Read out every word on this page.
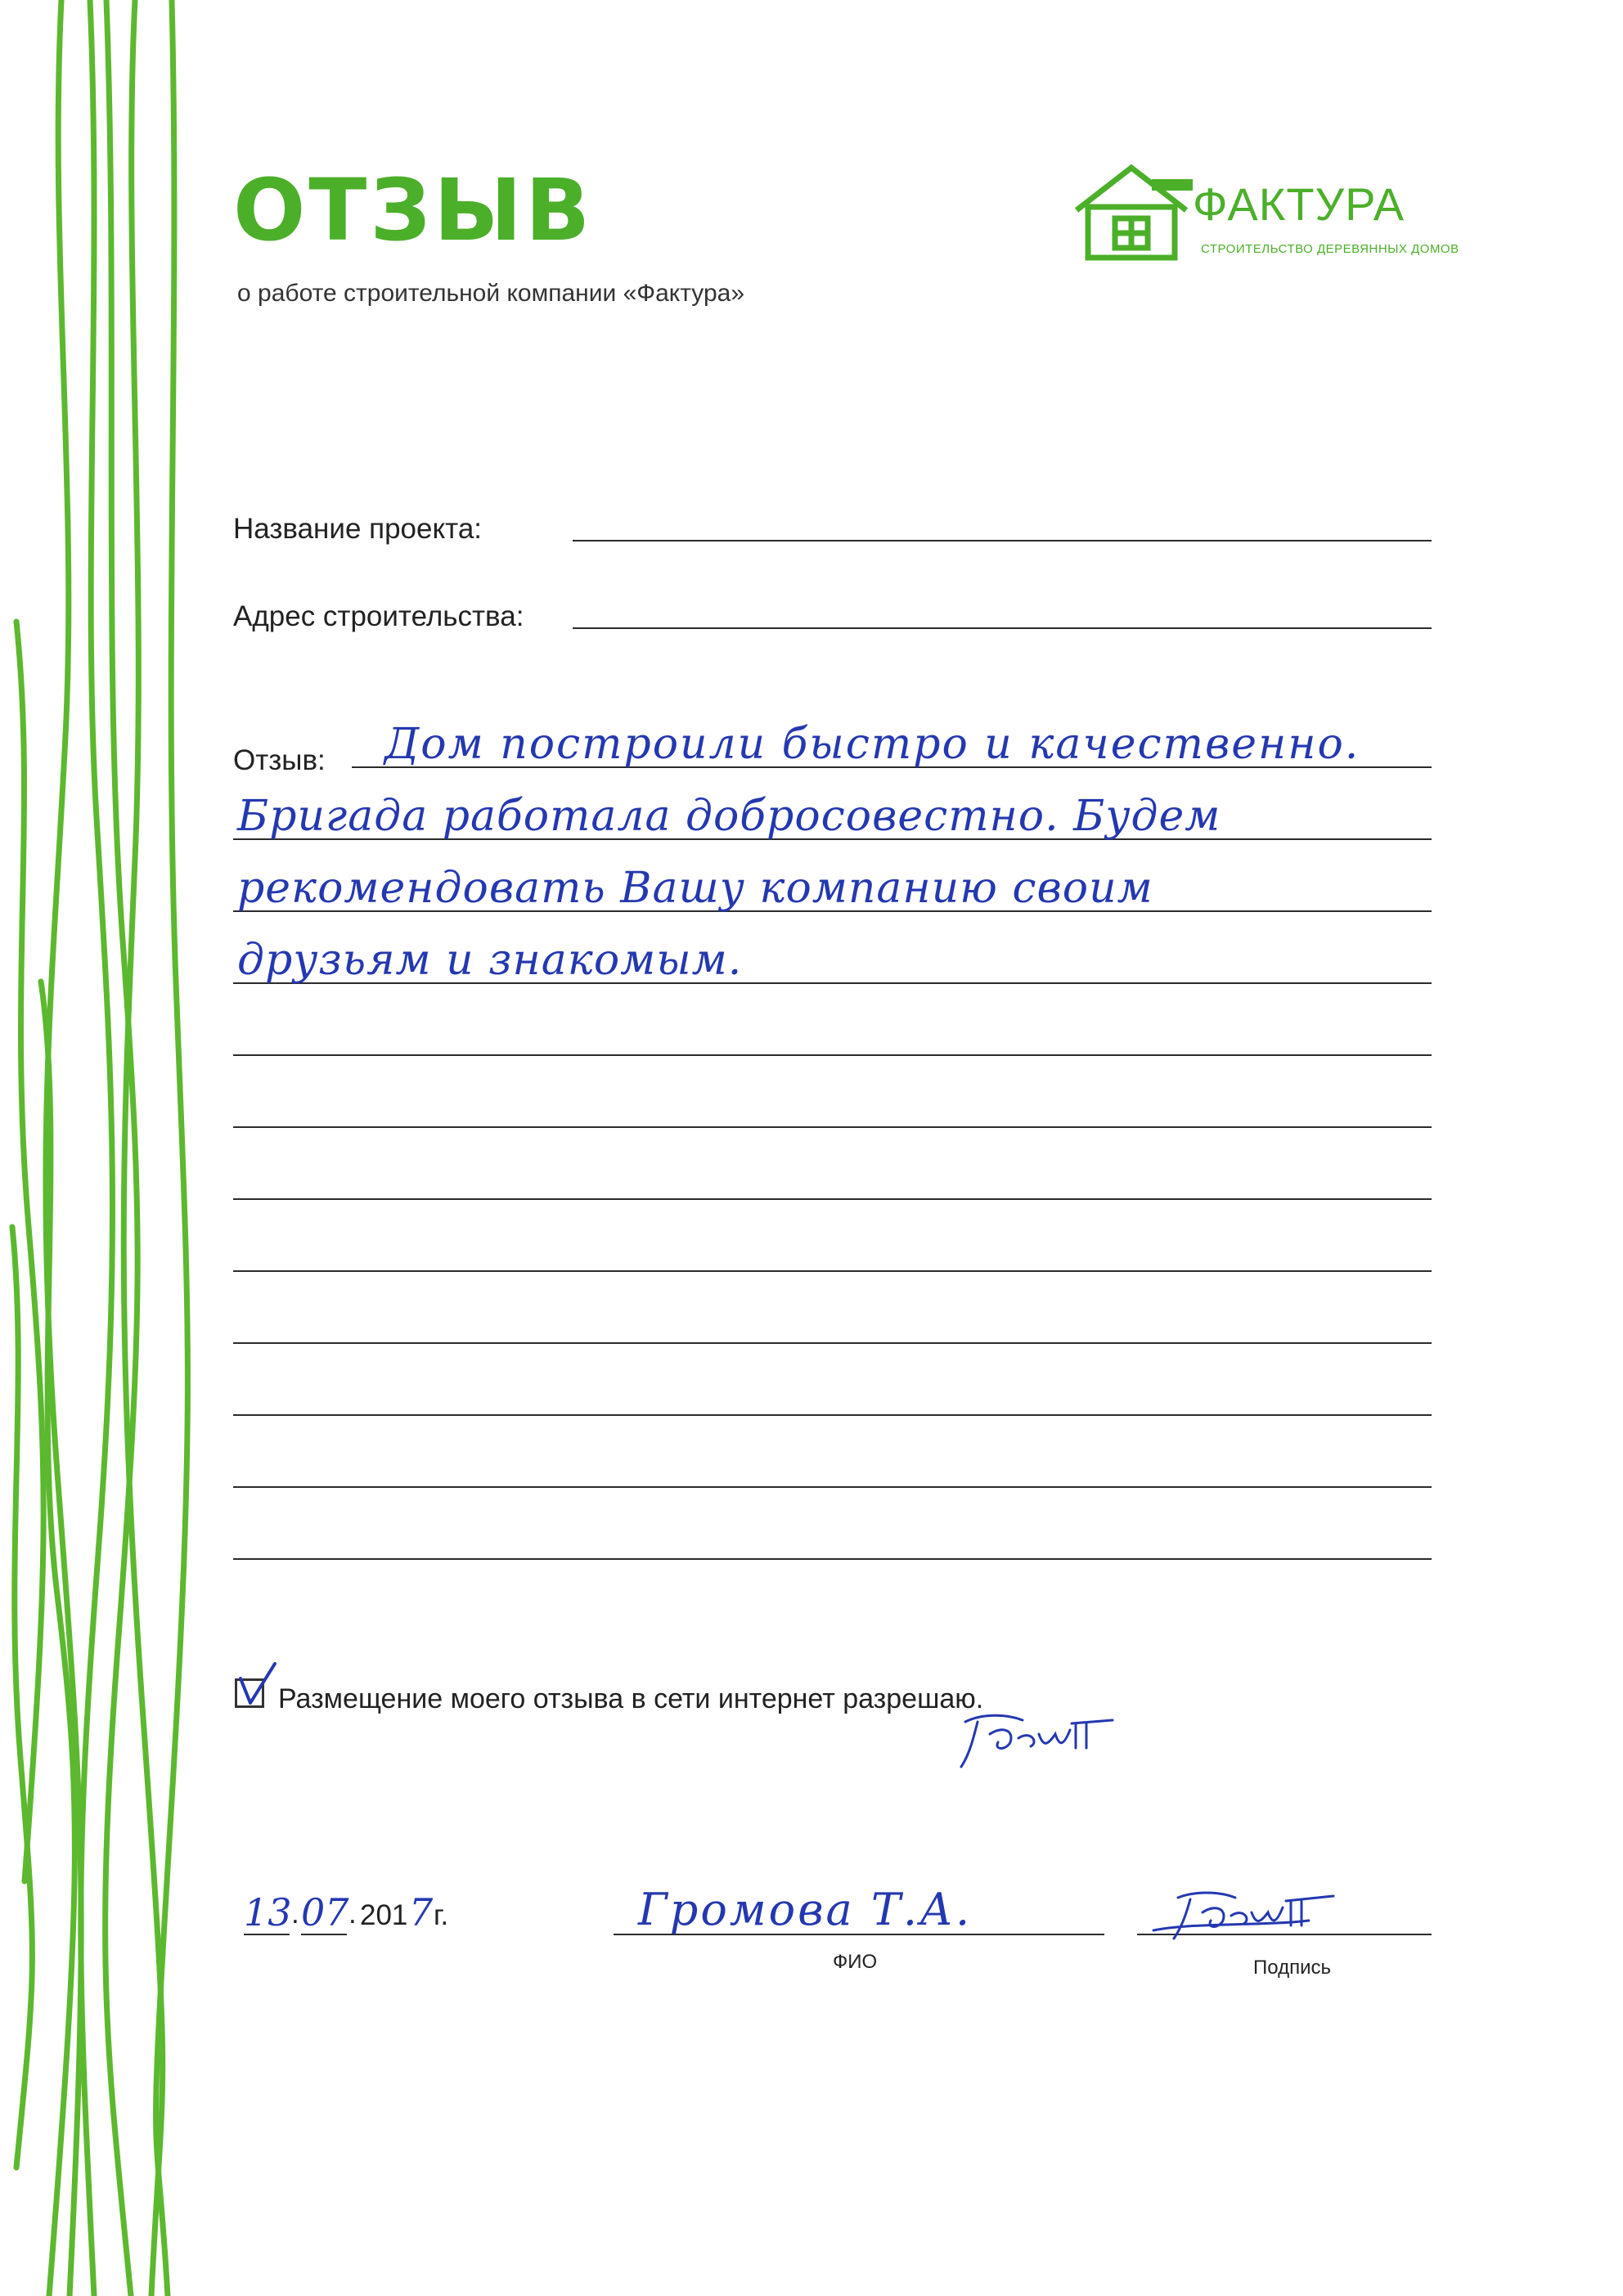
ОТЗЫВ
о работе строительной компании «Фактура»
ФАКТУРА
СТРОИТЕЛЬСТВО ДЕРЕВЯННЫХ ДОМОВ
Название проекта:
Адрес строительства:
Отзыв: Дом построили быстро и качественно.
Бригада работала добросовестно. Будем
рекомендовать Вашу компанию своим
друзьям и знакомым.
Размещение моего отзыва в сети интернет разрешаю.
13 . 07 . 201 7 г.	Громова Т.А.
ФИО	Подпись
